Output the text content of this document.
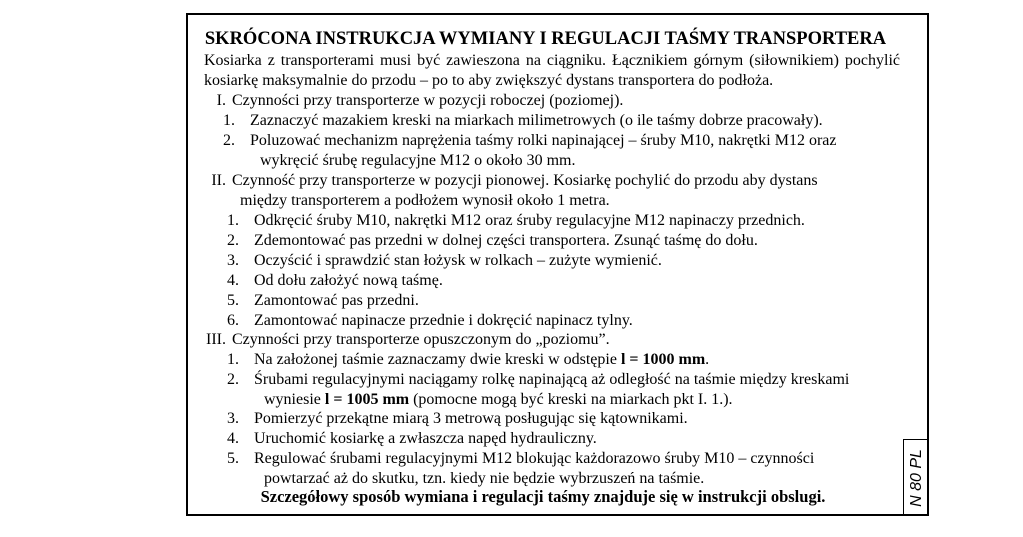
SKRÓCONA INSTRUKCJA WYMIANY I REGULACJI TAŚMY TRANSPORTERA
Kosiarka z transporterami musi być zawieszona na ciągniku. Łącznikiem górnym (siłownikiem) pochylić kosiarkę maksymalnie do przodu – po to aby zwiększyć dystans transportera do podłoża.
I. Czynności przy transporterze w pozycji roboczej (poziomej).
1. Zaznaczyć mazakiem kreski na miarkach milimetrowych (o ile taśmy dobrze pracowały).
2. Poluzować mechanizm naprężenia taśmy rolki napinającej – śruby M10, nakrętki M12 oraz
wykręcić śrubę regulacyjne M12 o około 30 mm.
II. Czynność przy transporterze w pozycji pionowej. Kosiarkę pochylić do przodu aby dystans
między transporterem a podłożem wynosił około 1 metra.
1. Odkręcić śruby M10, nakrętki M12 oraz śruby regulacyjne M12 napinaczy przednich.
2. Zdemontować pas przedni w dolnej części transportera. Zsunąć taśmę do dołu.
3. Oczyścić i sprawdzić stan łożysk w rolkach – zużyte wymienić.
4. Od dołu założyć nową taśmę.
5. Zamontować pas przedni.
6. Zamontować napinacze przednie i dokręcić napinacz tylny.
III. Czynności przy transporterze opuszczonym do „poziomu”.
1. Na założonej taśmie zaznaczamy dwie kreski w odstępie l = 1000 mm.
2. Śrubami regulacyjnymi naciągamy rolkę napinającą aż odległość na taśmie między kreskami
wyniesie l = 1005 mm (pomocne mogą być kreski na miarkach pkt I. 1.).
3. Pomierzyć przekątne miarą 3 metrową posługując się kątownikami.
4. Uruchomić kosiarkę a zwłaszcza napęd hydrauliczny.
5. Regulować śrubami regulacyjnymi M12 blokując każdorazowo śruby M10 – czynności
powtarzać aż do skutku, tzn. kiedy nie będzie wybrzuszeń na taśmie.
Szczegółowy sposób wymiana i regulacji taśmy znajduje się w instrukcji obslugi.	N 80 PL
